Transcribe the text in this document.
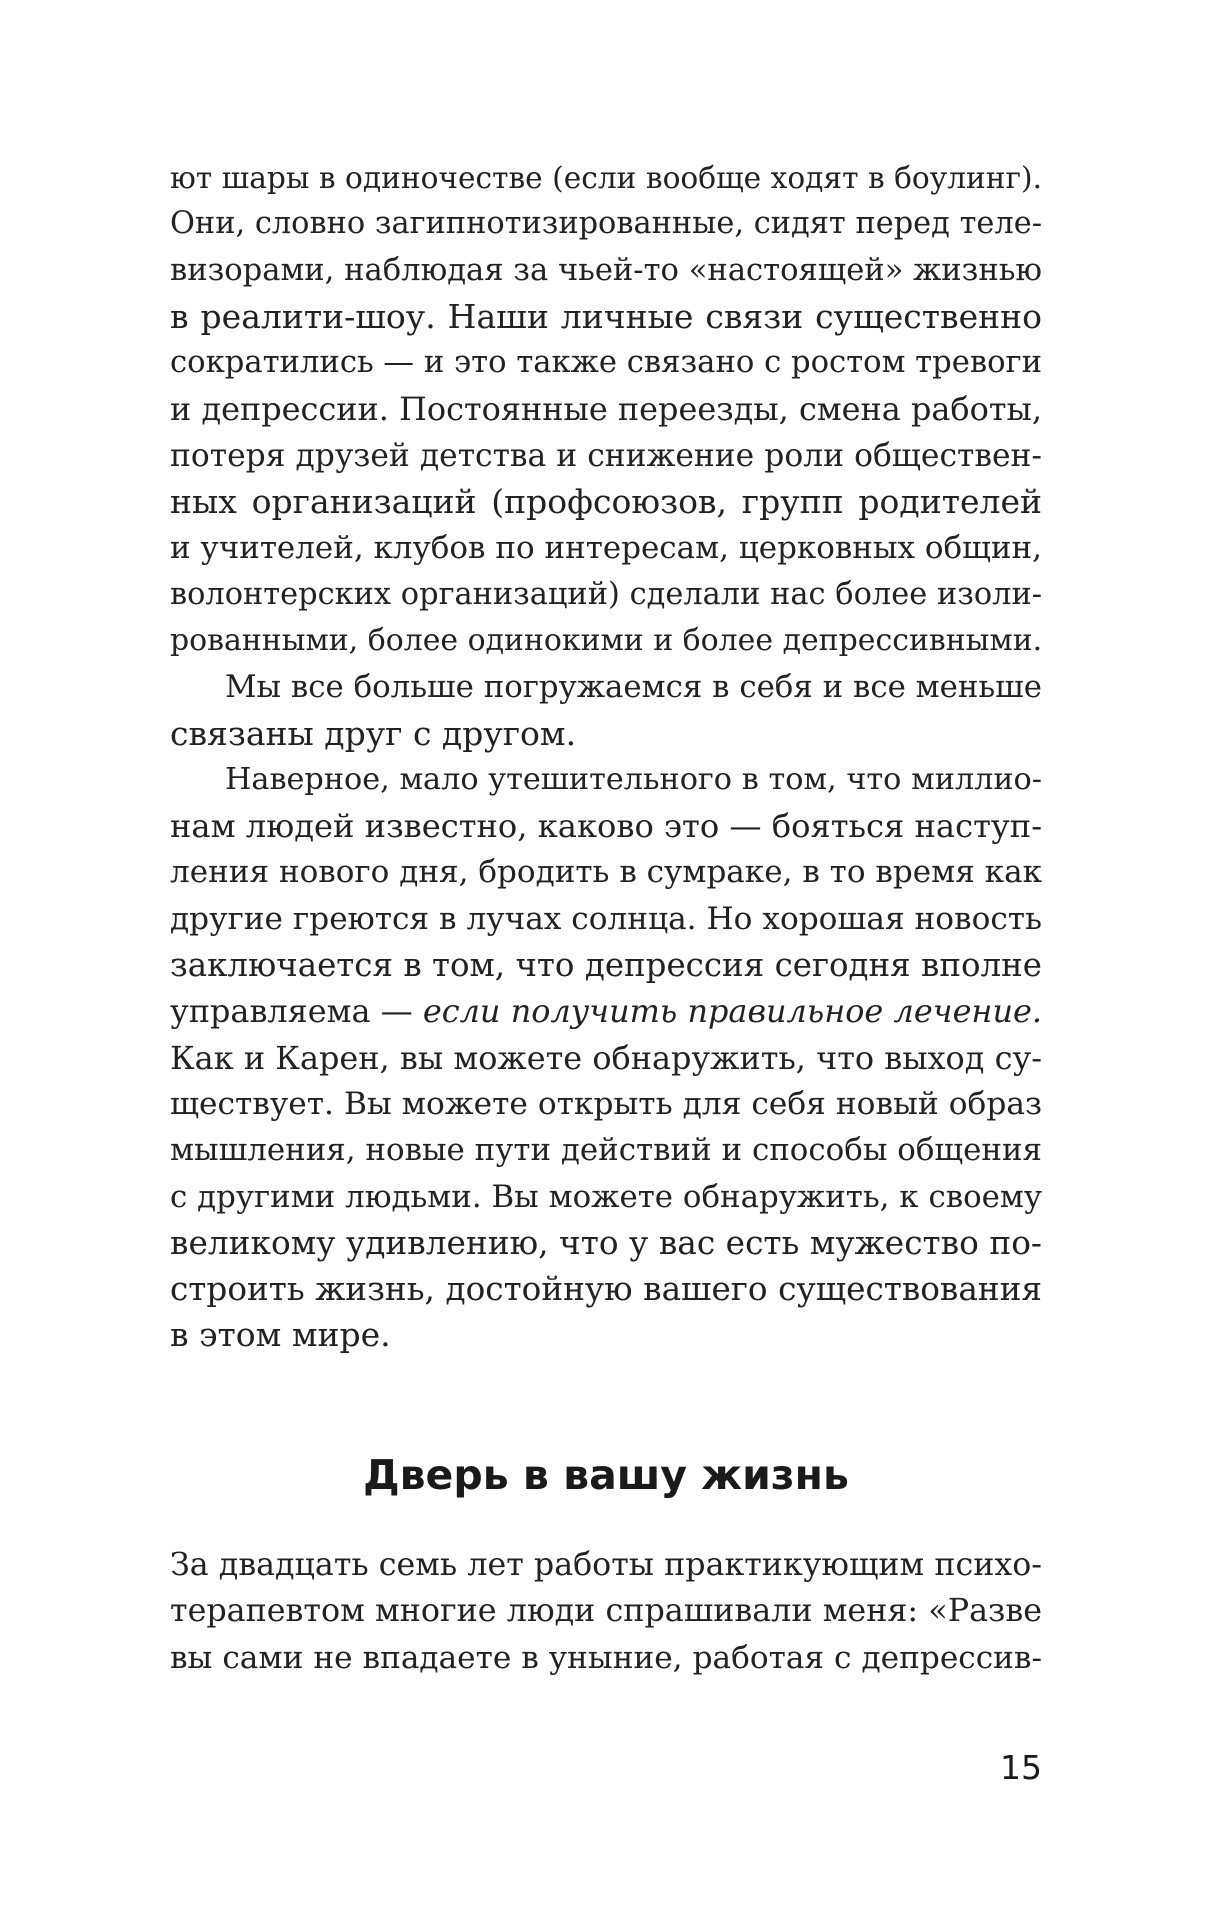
ют шары в одиночестве (если вообще ходят в боулинг).
Они, словно загипнотизированные, сидят перед теле-
визорами, наблюдая за чьей-то «настоящей» жизнью
в реалити-шоу. Наши личные связи существенно
сократились — и это также связано с ростом тревоги
и депрессии. Постоянные переезды, смена работы,
потеря друзей детства и снижение роли обществен-
ных организаций (профсоюзов, групп родителей
и учителей, клубов по интересам, церковных общин,
волонтерских организаций) сделали нас более изоли-
рованными, более одинокими и более депрессивными.
Мы все больше погружаемся в себя и все меньше
связаны друг с другом.
Наверное, мало утешительного в том, что миллио-
нам людей известно, каково это — бояться наступ-
ления нового дня, бродить в сумраке, в то время как
другие греются в лучах солнца. Но хорошая новость
заключается в том, что депрессия сегодня вполне
управляема — если получить правильное лечение.
Как и Карен, вы можете обнаружить, что выход су-
ществует. Вы можете открыть для себя новый образ
мышления, новые пути действий и способы общения
с другими людьми. Вы можете обнаружить, к своему
великому удивлению, что у вас есть мужество по-
строить жизнь, достойную вашего существования
в этом мире.
Дверь в вашу жизнь
За двадцать семь лет работы практикующим психо-
терапевтом многие люди спрашивали меня: «Разве
вы сами не впадаете в уныние, работая с депрессив-
15
